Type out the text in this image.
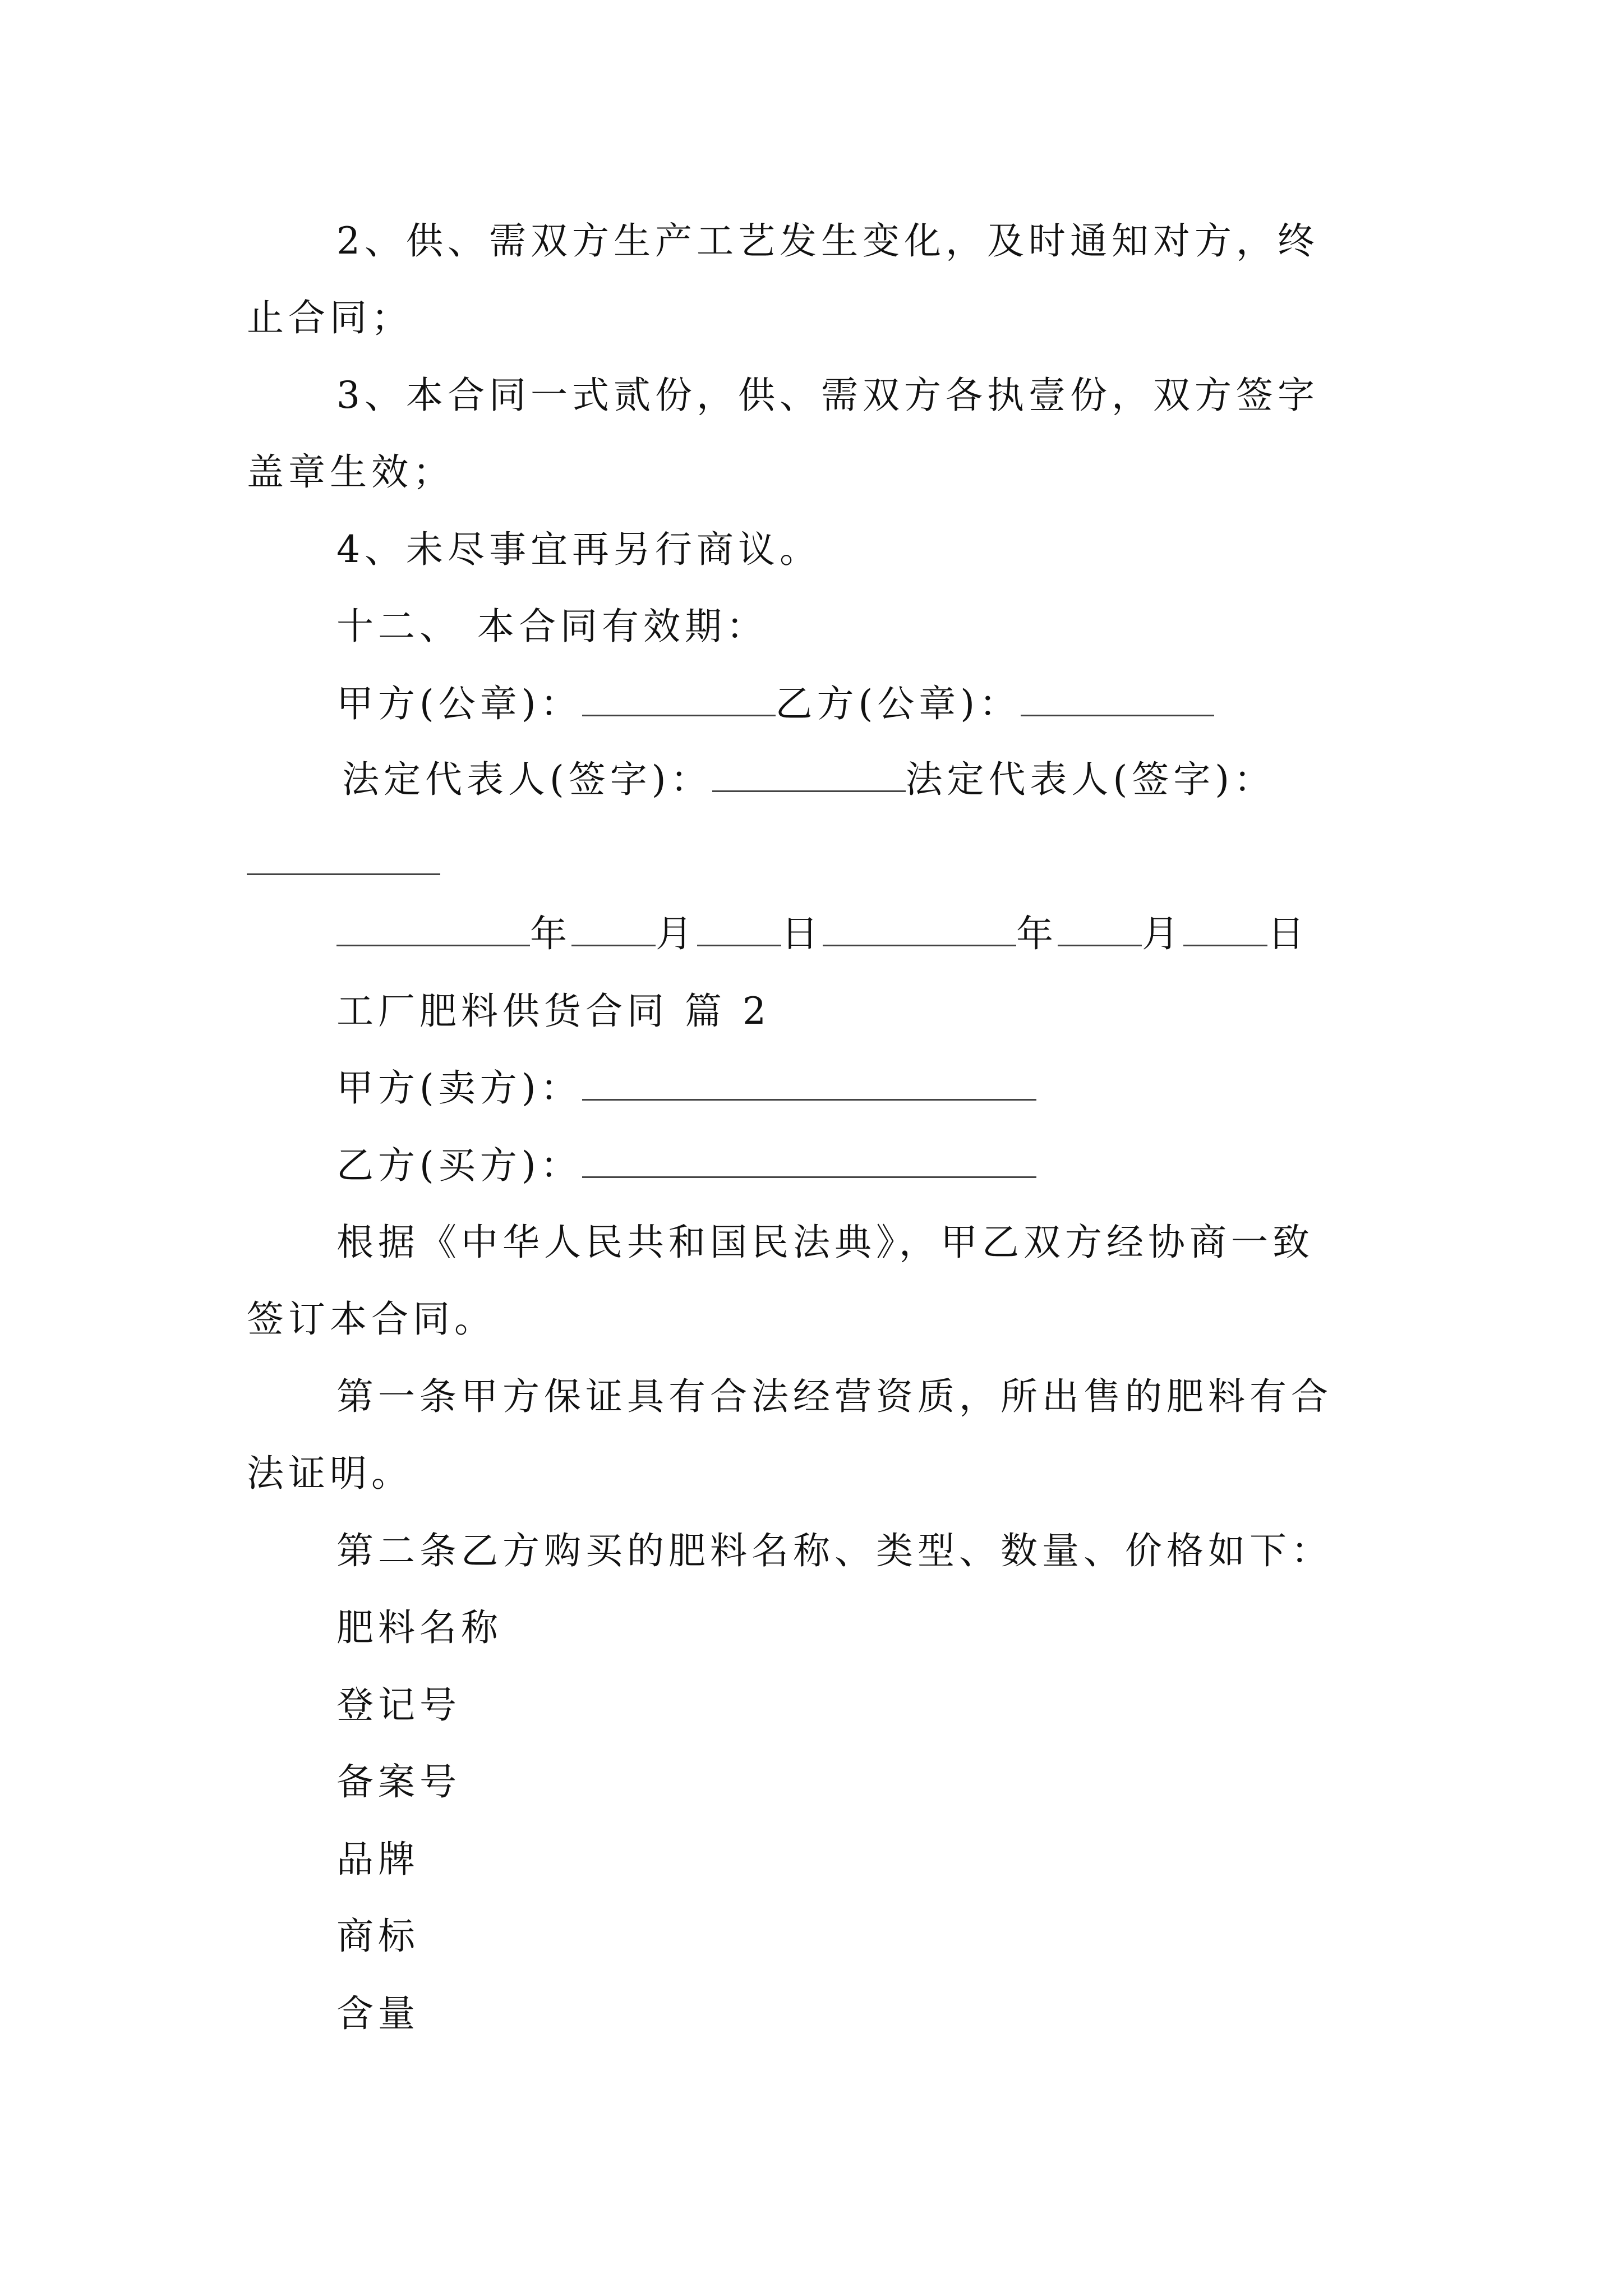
2、供、需双方生产工艺发生变化，及时通知对方，终
止合同；
3、本合同一式贰份，供、需双方各执壹份，双方签字
盖章生效；
4、未尽事宜再另行商议。
十二、 本合同有效期：
甲方(公章)：	乙方(公章)：
法定代表人(签字)：	法定代表人(签字)：
年 月 日	年 月 日
工厂肥料供货合同 篇 2
甲方(卖方)：
乙方(买方)：
根据《中华人民共和国民法典》，甲乙双方经协商一致
签订本合同。
第一条甲方保证具有合法经营资质，所出售的肥料有合
法证明。
第二条乙方购买的肥料名称、类型、数量、价格如下：
肥料名称
登记号
备案号
品牌
商标
含量
